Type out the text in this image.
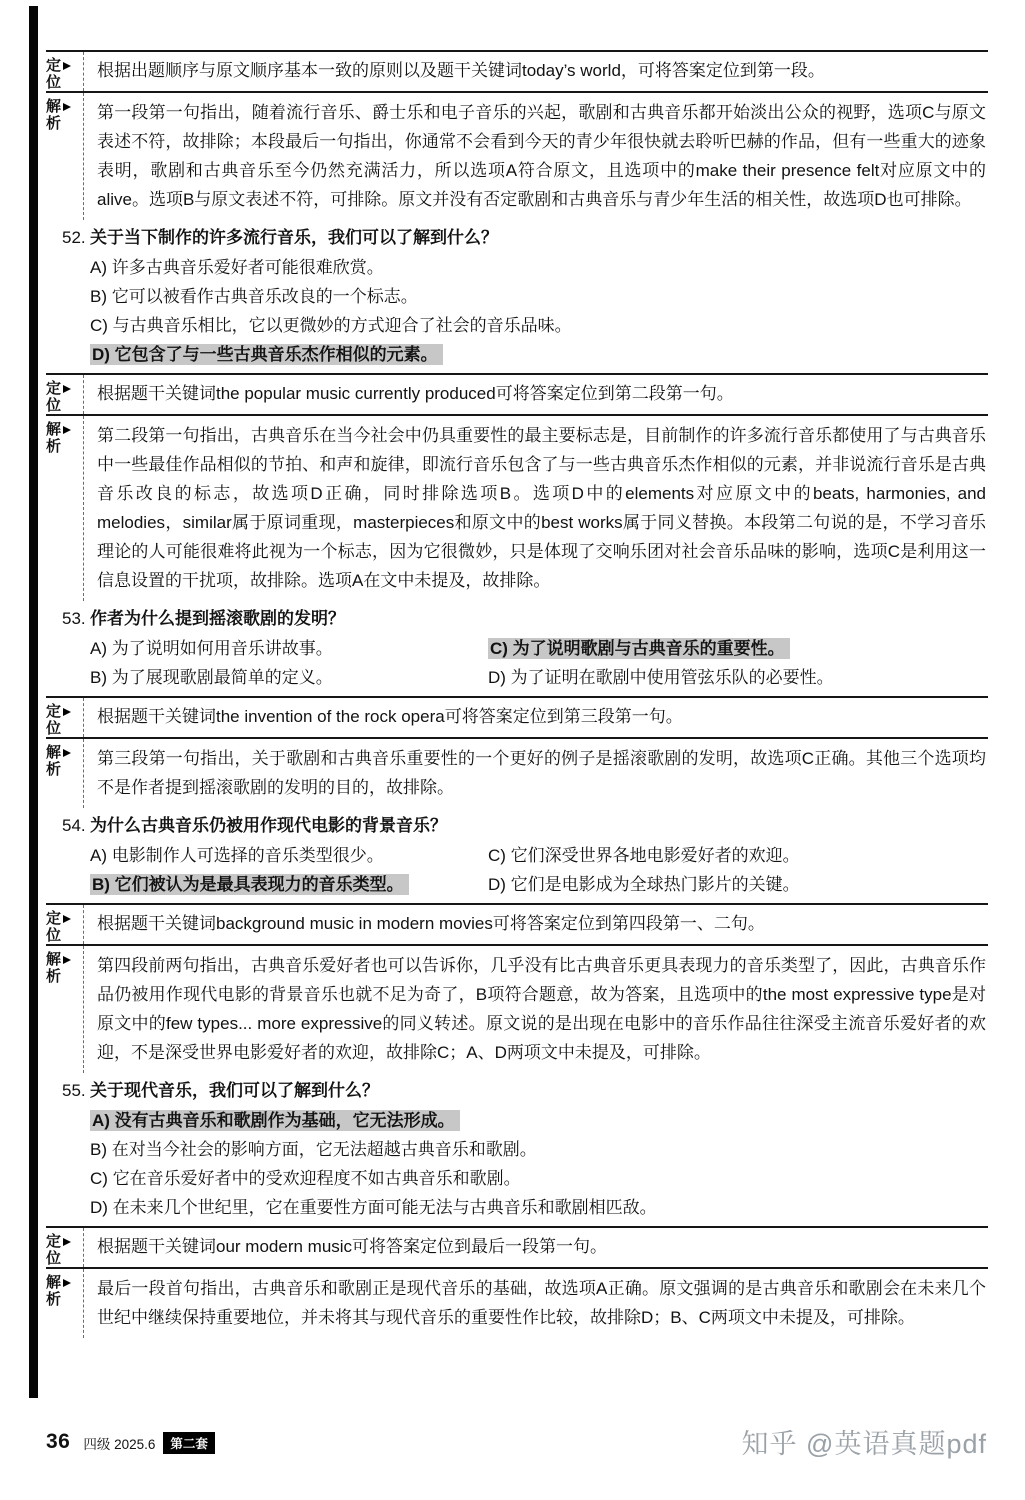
定
位

根据出题顺序与原文顺序基本一致的原则以及题干关键词today’s world，可将答案定位到第一段。

解
析

第一段第一句指出，随着流行音乐、爵士乐和电子音乐的兴起，歌剧和古典音乐都开始淡出公众的视野，选项C与原文表述不符，故排除；本段最后一句指出，你通常不会看到今天的青少年很快就去聆听巴赫的作品，但有一些重大的迹象表明，歌剧和古典音乐至今仍然充满活力，所以选项A符合原文，且选项中的make their presence felt对应原文中的alive。选项B与原文表述不符，可排除。原文并没有否定歌剧和古典音乐与青少年生活的相关性，故选项D也可排除。

52. 关于当下制作的许多流行音乐，我们可以了解到什么？
A) 许多古典音乐爱好者可能很难欣赏。
B) 它可以被看作古典音乐改良的一个标志。
C) 与古典音乐相比，它以更微妙的方式迎合了社会的音乐品味。
D) 它包含了与一些古典音乐杰作相似的元素。
定
位

根据题干关键词the popular music currently produced可将答案定位到第二段第一句。

解
析

第二段第一句指出，古典音乐在当今社会中仍具重要性的最主要标志是，目前制作的许多流行音乐都使用了与古典音乐中一些最佳作品相似的节拍、和声和旋律，即流行音乐包含了与一些古典音乐杰作相似的元素，并非说流行音乐是古典音乐改良的标志，故选项D正确，同时排除选项B。选项D中的elements对应原文中的beats, harmonies, and melodies，similar属于原词重现，masterpieces和原文中的best works属于同义替换。本段第二句说的是，不学习音乐理论的人可能很难将此视为一个标志，因为它很微妙，只是体现了交响乐团对社会音乐品味的影响，选项C是利用这一信息设置的干扰项，故排除。选项A在文中未提及，故排除。

53. 作者为什么提到摇滚歌剧的发明？
A) 为了说明如何用音乐讲故事。	C) 为了说明歌剧与古典音乐的重要性。
B) 为了展现歌剧最简单的定义。	D) 为了证明在歌剧中使用管弦乐队的必要性。
定
位

根据题干关键词the invention of the rock opera可将答案定位到第三段第一句。

解
析

第三段第一句指出，关于歌剧和古典音乐重要性的一个更好的例子是摇滚歌剧的发明，故选项C正确。其他三个选项均不是作者提到摇滚歌剧的发明的目的，故排除。

54. 为什么古典音乐仍被用作现代电影的背景音乐？
A) 电影制作人可选择的音乐类型很少。	C) 它们深受世界各地电影爱好者的欢迎。
B) 它们被认为是最具表现力的音乐类型。	D) 它们是电影成为全球热门影片的关键。
定
位

根据题干关键词background music in modern movies可将答案定位到第四段第一、二句。

解
析

第四段前两句指出，古典音乐爱好者也可以告诉你，几乎没有比古典音乐更具表现力的音乐类型了，因此，古典音乐作品仍被用作现代电影的背景音乐也就不足为奇了，B项符合题意，故为答案，且选项中的the most expressive type是对原文中的few types... more expressive的同义转述。原文说的是出现在电影中的音乐作品往往深受主流音乐爱好者的欢迎，不是深受世界电影爱好者的欢迎，故排除C；A、D两项文中未提及，可排除。

55. 关于现代音乐，我们可以了解到什么？
A) 没有古典音乐和歌剧作为基础，它无法形成。
B) 在对当今社会的影响方面，它无法超越古典音乐和歌剧。
C) 它在音乐爱好者中的受欢迎程度不如古典音乐和歌剧。
D) 在未来几个世纪里，它在重要性方面可能无法与古典音乐和歌剧相匹敌。
定
位

根据题干关键词our modern music可将答案定位到最后一段第一句。

解
析

最后一段首句指出，古典音乐和歌剧正是现代音乐的基础，故选项A正确。原文强调的是古典音乐和歌剧会在未来几个世纪中继续保持重要地位，并未将其与现代音乐的重要性作比较，故排除D；B、C两项文中未提及，可排除。

36 四级 2025.6	第二套	知乎 @英语真题pdf
